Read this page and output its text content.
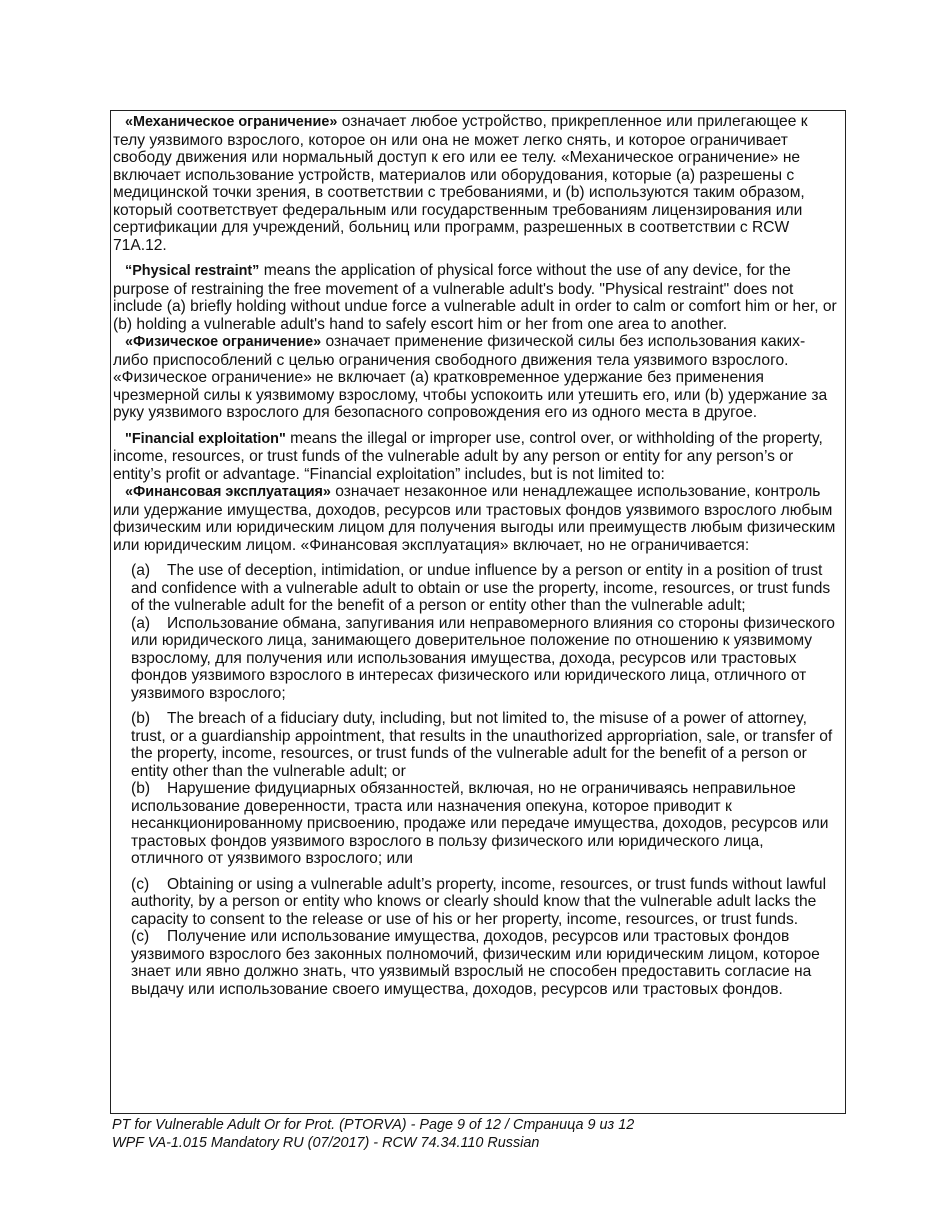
«Механическое ограничение» означает любое устройство, прикрепленное или прилегающее к телу уязвимого взрослого, которое он или она не может легко снять, и которое ограничивает свободу движения или нормальный доступ к его или ее телу. «Механическое ограничение» не включает использование устройств, материалов или оборудования, которые (a) разрешены с медицинской точки зрения, в соответствии с требованиями, и (b) используются таким образом, который соответствует федеральным или государственным требованиям лицензирования или сертификации для учреждений, больниц или программ, разрешенных в соответствии с RCW 71A.12.

“Physical restraint” means the application of physical force without the use of any device, for the purpose of restraining the free movement of a vulnerable adult's body. "Physical restraint" does not include (a) briefly holding without undue force a vulnerable adult in order to calm or comfort him or her, or (b) holding a vulnerable adult's hand to safely escort him or her from one area to another.

«Физическое ограничение» означает применение физической силы без использования каких-либо приспособлений с целью ограничения свободного движения тела уязвимого взрослого. «Физическое ограничение» не включает (a) кратковременное удержание без применения чрезмерной силы к уязвимому взрослому, чтобы успокоить или утешить его, или (b) удержание за руку уязвимого взрослого для безопасного сопровождения его из одного места в другое.

"Financial exploitation" means the illegal or improper use, control over, or withholding of the property, income, resources, or trust funds of the vulnerable adult by any person or entity for any person’s or entity’s profit or advantage. “Financial exploitation” includes, but is not limited to:

«Финансовая эксплуатация» означает незаконное или ненадлежащее использование, контроль или удержание имущества, доходов, ресурсов или трастовых фондов уязвимого взрослого любым физическим или юридическим лицом для получения выгоды или преимуществ любым физическим или юридическим лицом. «Финансовая эксплуатация» включает, но не ограничивается:

(a) The use of deception, intimidation, or undue influence by a person or entity in a position of trust and confidence with a vulnerable adult to obtain or use the property, income, resources, or trust funds of the vulnerable adult for the benefit of a person or entity other than the vulnerable adult;

(a) Использование обмана, запугивания или неправомерного влияния со стороны физического или юридического лица, занимающего доверительное положение по отношению к уязвимому взрослому, для получения или использования имущества, дохода, ресурсов или трастовых фондов уязвимого взрослого в интересах физического или юридического лица, отличного от уязвимого взрослого;

(b) The breach of a fiduciary duty, including, but not limited to, the misuse of a power of attorney, trust, or a guardianship appointment, that results in the unauthorized appropriation, sale, or transfer of the property, income, resources, or trust funds of the vulnerable adult for the benefit of a person or entity other than the vulnerable adult; or

(b) Нарушение фидуциарных обязанностей, включая, но не ограничиваясь неправильное использование доверенности, траста или назначения опекуна, которое приводит к несанкционированному присвоению, продаже или передаче имущества, доходов, ресурсов или трастовых фондов уязвимого взрослого в пользу физического или юридического лица, отличного от уязвимого взрослого; или

(c) Obtaining or using a vulnerable adult’s property, income, resources, or trust funds without lawful authority, by a person or entity who knows or clearly should know that the vulnerable adult lacks the capacity to consent to the release or use of his or her property, income, resources, or trust funds.

(c) Получение или использование имущества, доходов, ресурсов или трастовых фондов уязвимого взрослого без законных полномочий, физическим или юридическим лицом, которое знает или явно должно знать, что уязвимый взрослый не способен предоставить согласие на выдачу или использование своего имущества, доходов, ресурсов или трастовых фондов.

PT for Vulnerable Adult Or for Prot. (PTORVA) - Page 9 of 12 / Страница 9 из 12
WPF VA-1.015 Mandatory RU (07/2017) - RCW 74.34.110 Russian
